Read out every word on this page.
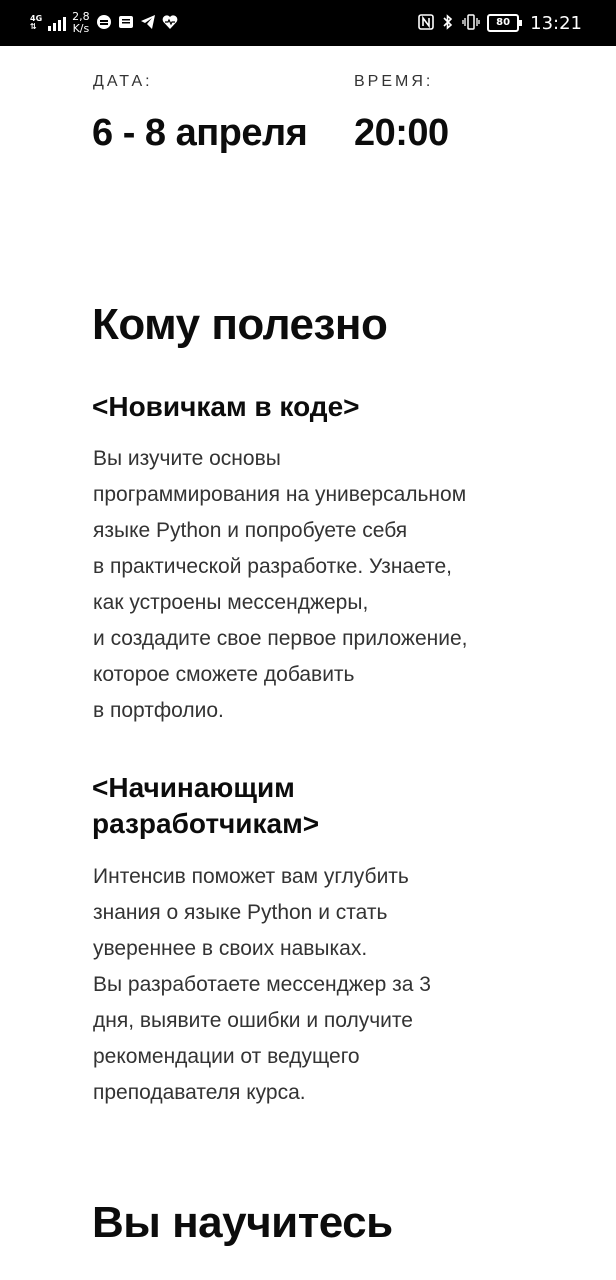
4G
⇅
2,8
K/s	80	13:21
ДАТА:	ВРЕМЯ:
6 - 8 апреля 20:00
Кому полезно
<Новичкам в коде>

Вы изучите основы
программирования на универсальном
языке Python и попробуете себя
в практической разработке. Узнаете,
как устроены мессенджеры,
и создадите свое первое приложение,
которое сможете добавить
в портфолио.

<Начинающим
разработчикам>

Интенсив поможет вам углубить
знания о языке Python и стать
увереннее в своих навыках.
Вы разработаете мессенджер за 3
дня, выявите ошибки и получите
рекомендации от ведущего
преподавателя курса.

Вы научитесь
